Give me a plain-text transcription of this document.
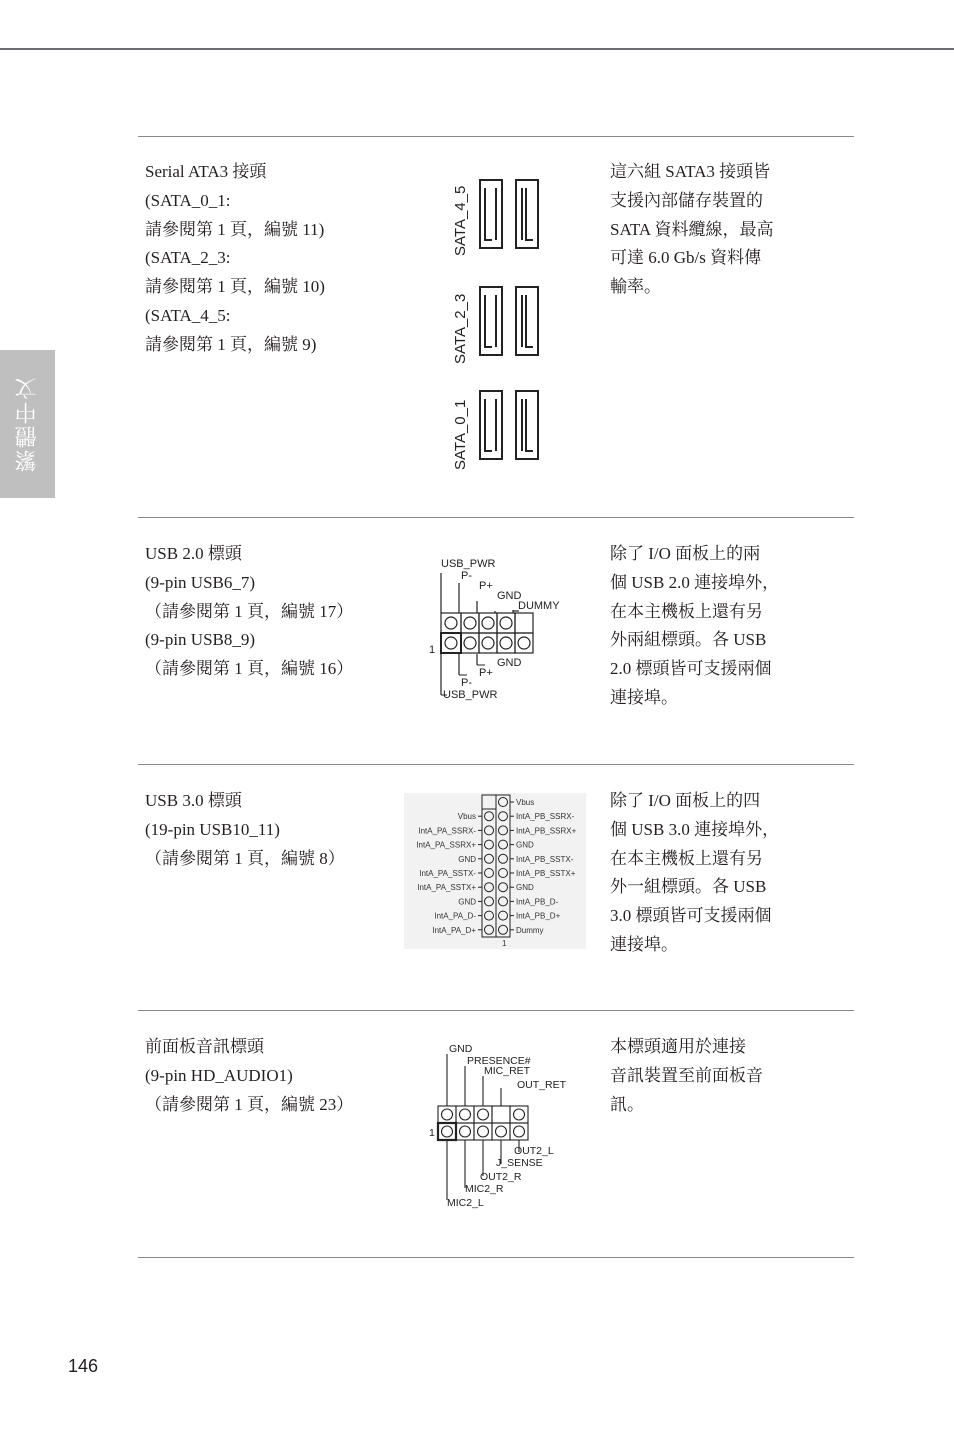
繁體中文
Serial ATA3 接頭
(SATA_0_1:
請參閱第 1 頁，編號 11)
(SATA_2_3:
請參閱第 1 頁，編號 10)
(SATA_4_5:
請參閱第 1 頁，編號 9)
這六組 SATA3 接頭皆
支援內部儲存裝置的
SATA 資料纜線，最高
可達 6.0 Gb/s 資料傳
輸率。
SATA_4_5
SATA_2_3
SATA_0_1
USB 2.0 標頭
(9-pin USB6_7)
（請參閱第 1 頁，編號 17）
(9-pin USB8_9)
（請參閱第 1 頁，編號 16）
除了 I/O 面板上的兩
個 USB 2.0 連接埠外，
在本主機板上還有另
外兩組標頭。各 USB
2.0 標頭皆可支援兩個
連接埠。
USB_PWR
P-
P+
GND
DUMMY
1
GND
P+
P-
USB_PWR
USB 3.0 標頭
(19-pin USB10_11)
（請參閱第 1 頁，編號 8）
除了 I/O 面板上的四
個 USB 3.0 連接埠外，
在本主機板上還有另
外一組標頭。各 USB
3.0 標頭皆可支援兩個
連接埠。
Vbus
IntA_PA_SSRX-
IntA_PA_SSRX+
GND
IntA_PA_SSTX-
IntA_PA_SSTX+
GND
IntA_PA_D-
IntA_PA_D+
Vbus
IntA_PB_SSRX-
IntA_PB_SSRX+
GND
IntA_PB_SSTX-
IntA_PB_SSTX+
GND
IntA_PB_D-
IntA_PB_D+
Dummy
1
前面板音訊標頭
(9-pin HD_AUDIO1)
（請參閱第 1 頁，編號 23）
本標頭適用於連接
音訊裝置至前面板音
訊。
GND
PRESENCE#
MIC_RET
OUT_RET
1
OUT2_L
J_SENSE
OUT2_R
MIC2_R
MIC2_L
146
